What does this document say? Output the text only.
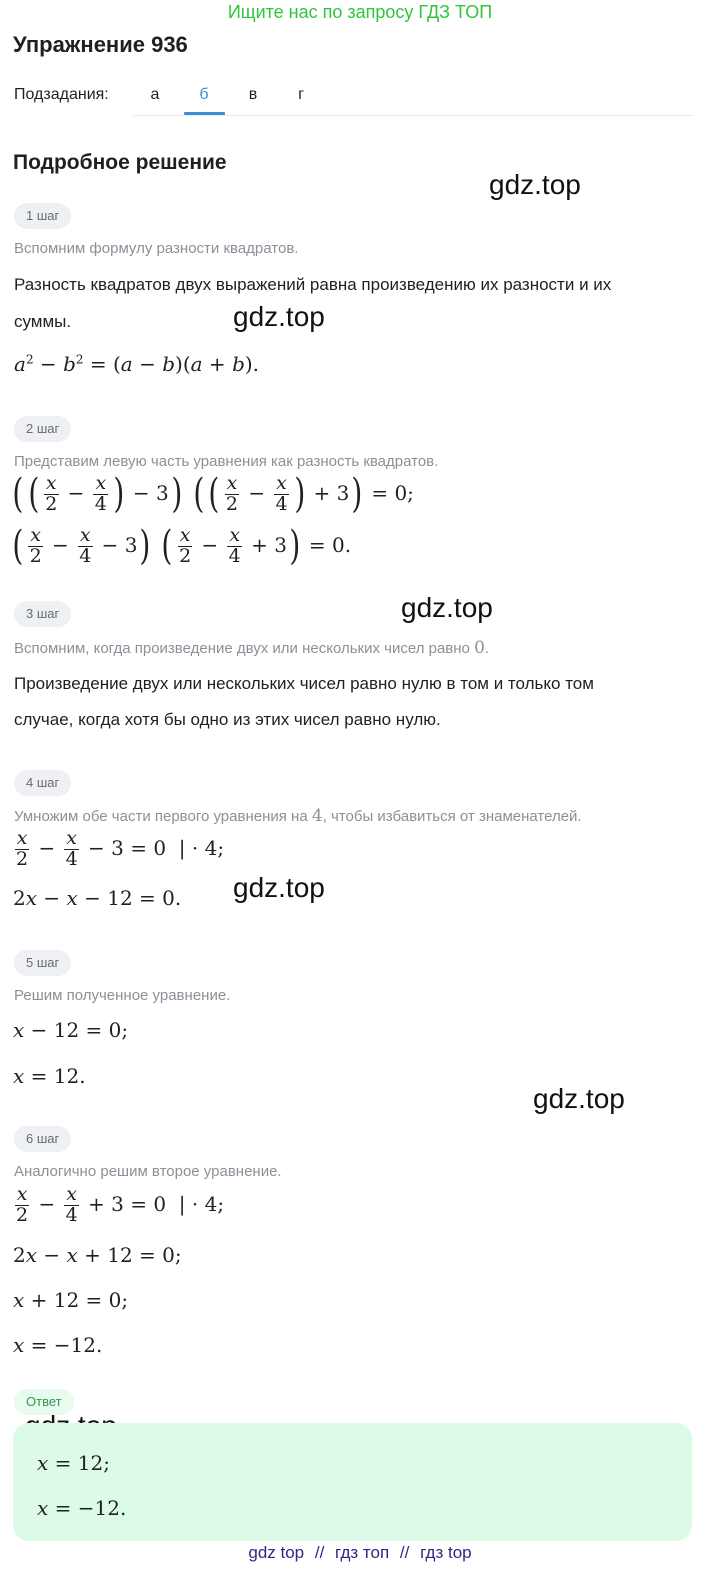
Ищите нас по запросу ГДЗ ТОП
Упражнение 936
Подзадания:	а	б	в	г
Подробное решение
gdz.top
gdz.top
gdz.top
gdz.top
gdz.top
1 шаг
Вспомним формулу разности квадратов.
Разность квадратов двух выражений равна произведению их разности и их
суммы.
$a^2 - b^2 = (a - b)(a + b)$.
2 шаг
Представим левую часть уравнения как разность квадратов.
( ( $\frac{x}{2} - \frac{x}{4}$ ) − 3) ( ( $\frac{x}{2} - \frac{x}{4}$ ) + 3) = 0;
( $\frac{x}{2} - \frac{x}{4} - 3$) ( $\frac{x}{2} - \frac{x}{4} + 3) = 0$.
3 шаг
Вспомним, когда произведение двух или нескольких чисел равно 0.
Произведение двух или нескольких чисел равно нулю в том и только том
случае, когда хотя бы одно из этих чисел равно нулю.
4 шаг
Умножим обе части первого уравнения на 4, чтобы избавиться от знаменателей.
$\frac{x}{2} - \frac{x}{4} - 3 = 0$  | · 4;
2x − x − 12 = 0.
5 шаг
Решим полученное уравнение.
x − 12 = 0;
x = 12.
6 шаг
Аналогично решим второе уравнение.
$\frac{x}{2} - \frac{x}{4} + 3 = 0$  | · 4;
2x − x + 12 = 0;
x + 12 = 0;
x = −12.
Ответ
x = 12;
x = −12.
gdz top // гдз топ // гдз top
